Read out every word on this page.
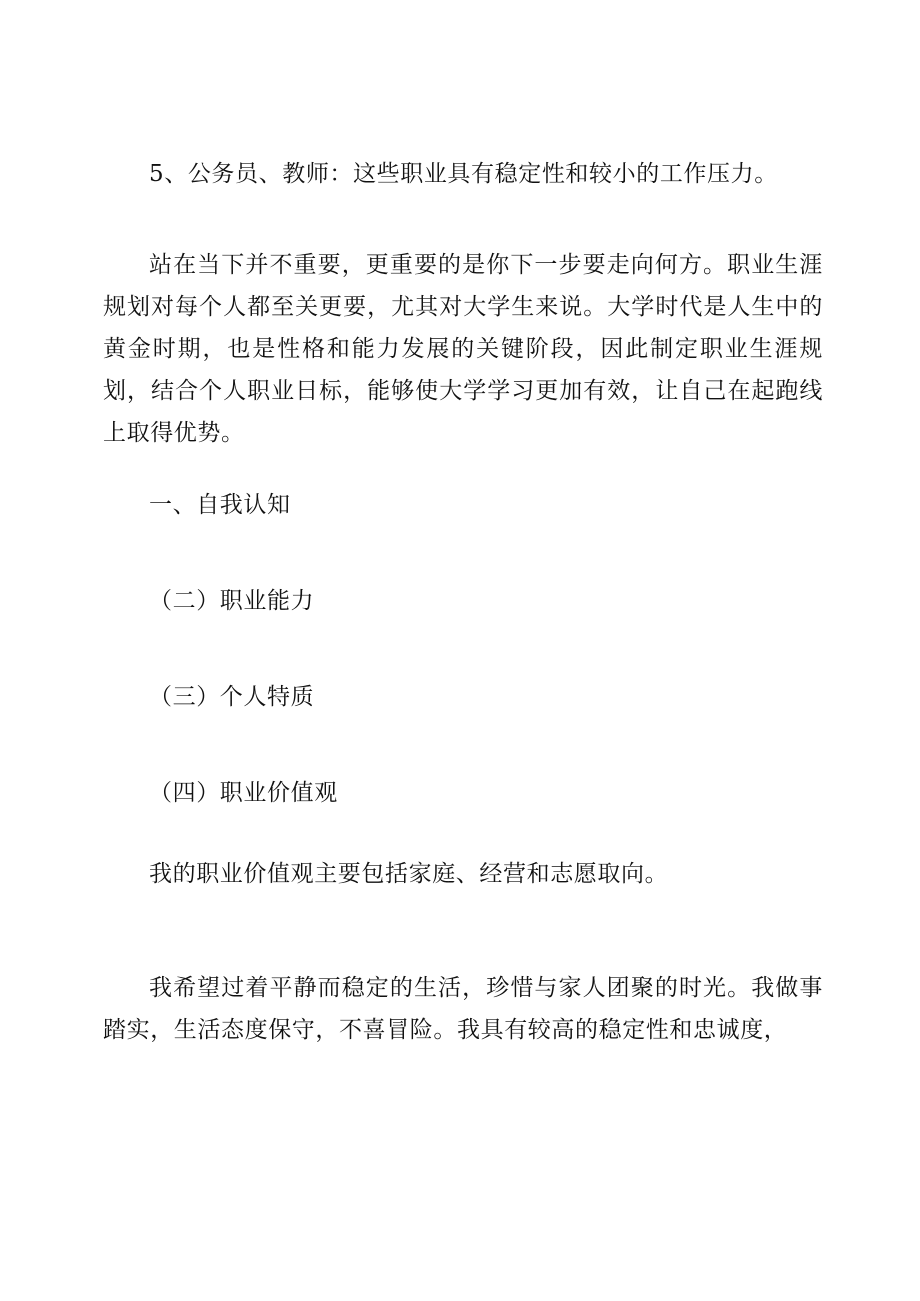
5、公务员、教师：这些职业具有稳定性和较小的工作压力。

站在当下并不重要，更重要的是你下一步要走向何方。职业生涯规划对每个人都至关更要，尤其对大学生来说。大学时代是人生中的黄金时期，也是性格和能力发展的关键阶段，因此制定职业生涯规划，结合个人职业日标，能够使大学学习更加有效，让自己在起跑线上取得优势。

一、自我认知

（二）职业能力

（三）个人特质

（四）职业价值观

我的职业价值观主要包括家庭、经营和志愿取向。

我希望过着平静而稳定的生活，珍惜与家人团聚的时光。我做事踏实，生活态度保守，不喜冒险。我具有较高的稳定性和忠诚度，
